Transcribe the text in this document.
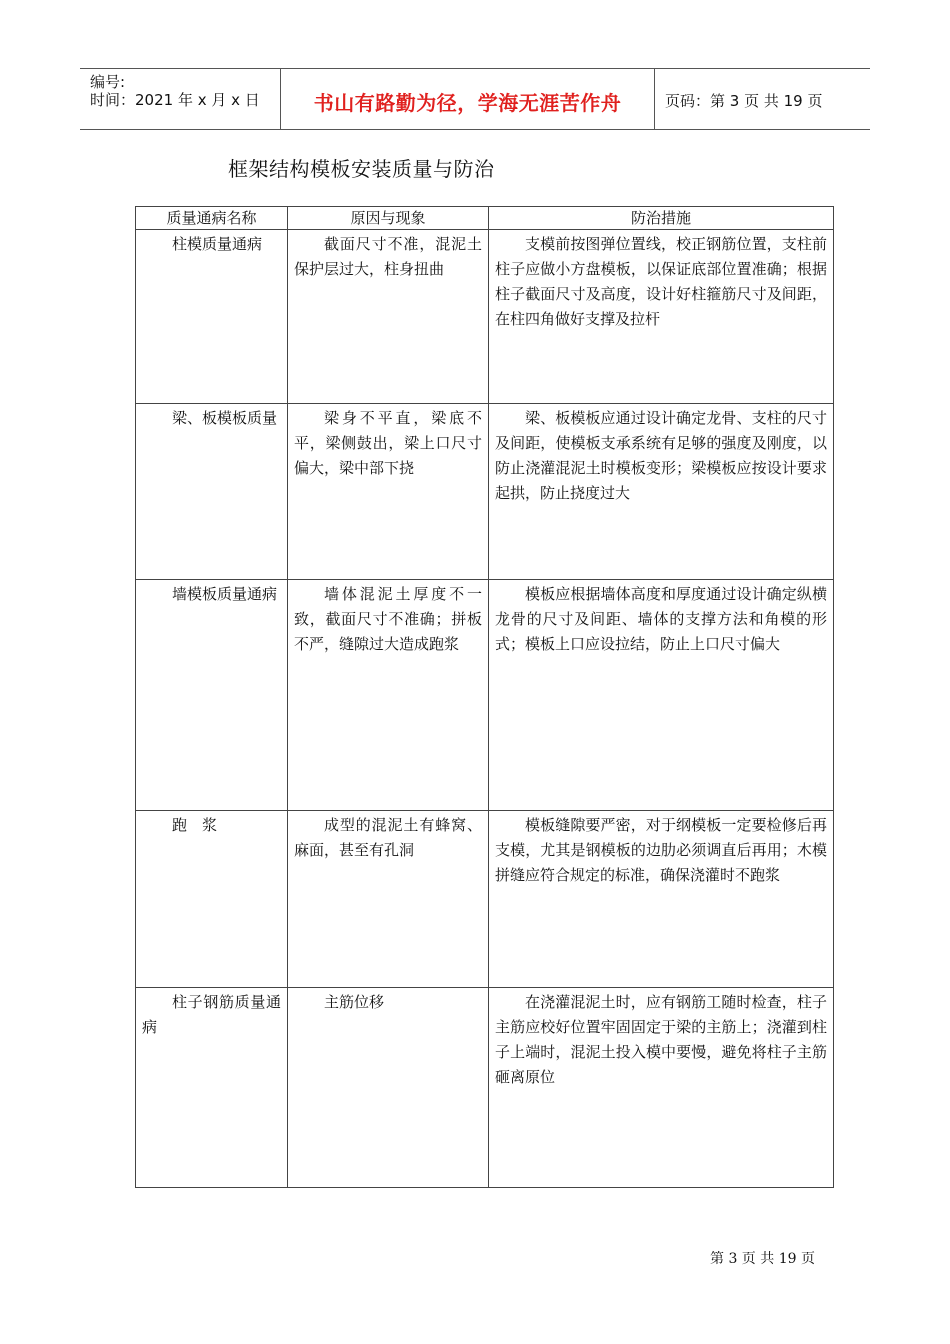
编号:
时间：2021 年 x 月 x 日	书山有路勤为径，学海无涯苦作舟	页码：第 3 页 共 19 页
框架结构模板安装质量与防治
质量通病名称	原因与现象	防治措施

柱模质量通病	截面尺寸不准，混泥土保护层过大，柱身扭曲	支模前按图弹位置线，校正钢筋位置，支柱前柱子应做小方盘模板，以保证底部位置准确；根据柱子截面尺寸及高度，设计好柱箍筋尺寸及间距，在柱四角做好支撑及拉杆

梁、板模板质量	梁身不平直，梁底不平，梁侧鼓出，梁上口尺寸偏大，梁中部下挠	梁、板模板应通过设计确定龙骨、支柱的尺寸及间距，使模板支承系统有足够的强度及刚度，以防止浇灌混泥土时模板变形；梁模板应按设计要求起拱，防止挠度过大

墙模板质量通病	墙体混泥土厚度不一致，截面尺寸不准确；拼板不严，缝隙过大造成跑浆	模板应根据墙体高度和厚度通过设计确定纵横龙骨的尺寸及间距、墙体的支撑方法和角模的形式；模板上口应设拉结，防止上口尺寸偏大

跑　浆	成型的混泥土有蜂窝、麻面，甚至有孔洞	模板缝隙要严密，对于纲模板一定要检修后再支模，尤其是钢模板的边肋必须调直后再用；木模拼缝应符合规定的标准，确保浇灌时不跑浆

柱子钢筋质量通病	主筋位移	在浇灌混泥土时，应有钢筋工随时检查，柱子主筋应校好位置牢固固定于梁的主筋上；浇灌到柱子上端时，混泥土投入模中要慢，避免将柱子主筋砸离原位
第 3 页 共 19 页
